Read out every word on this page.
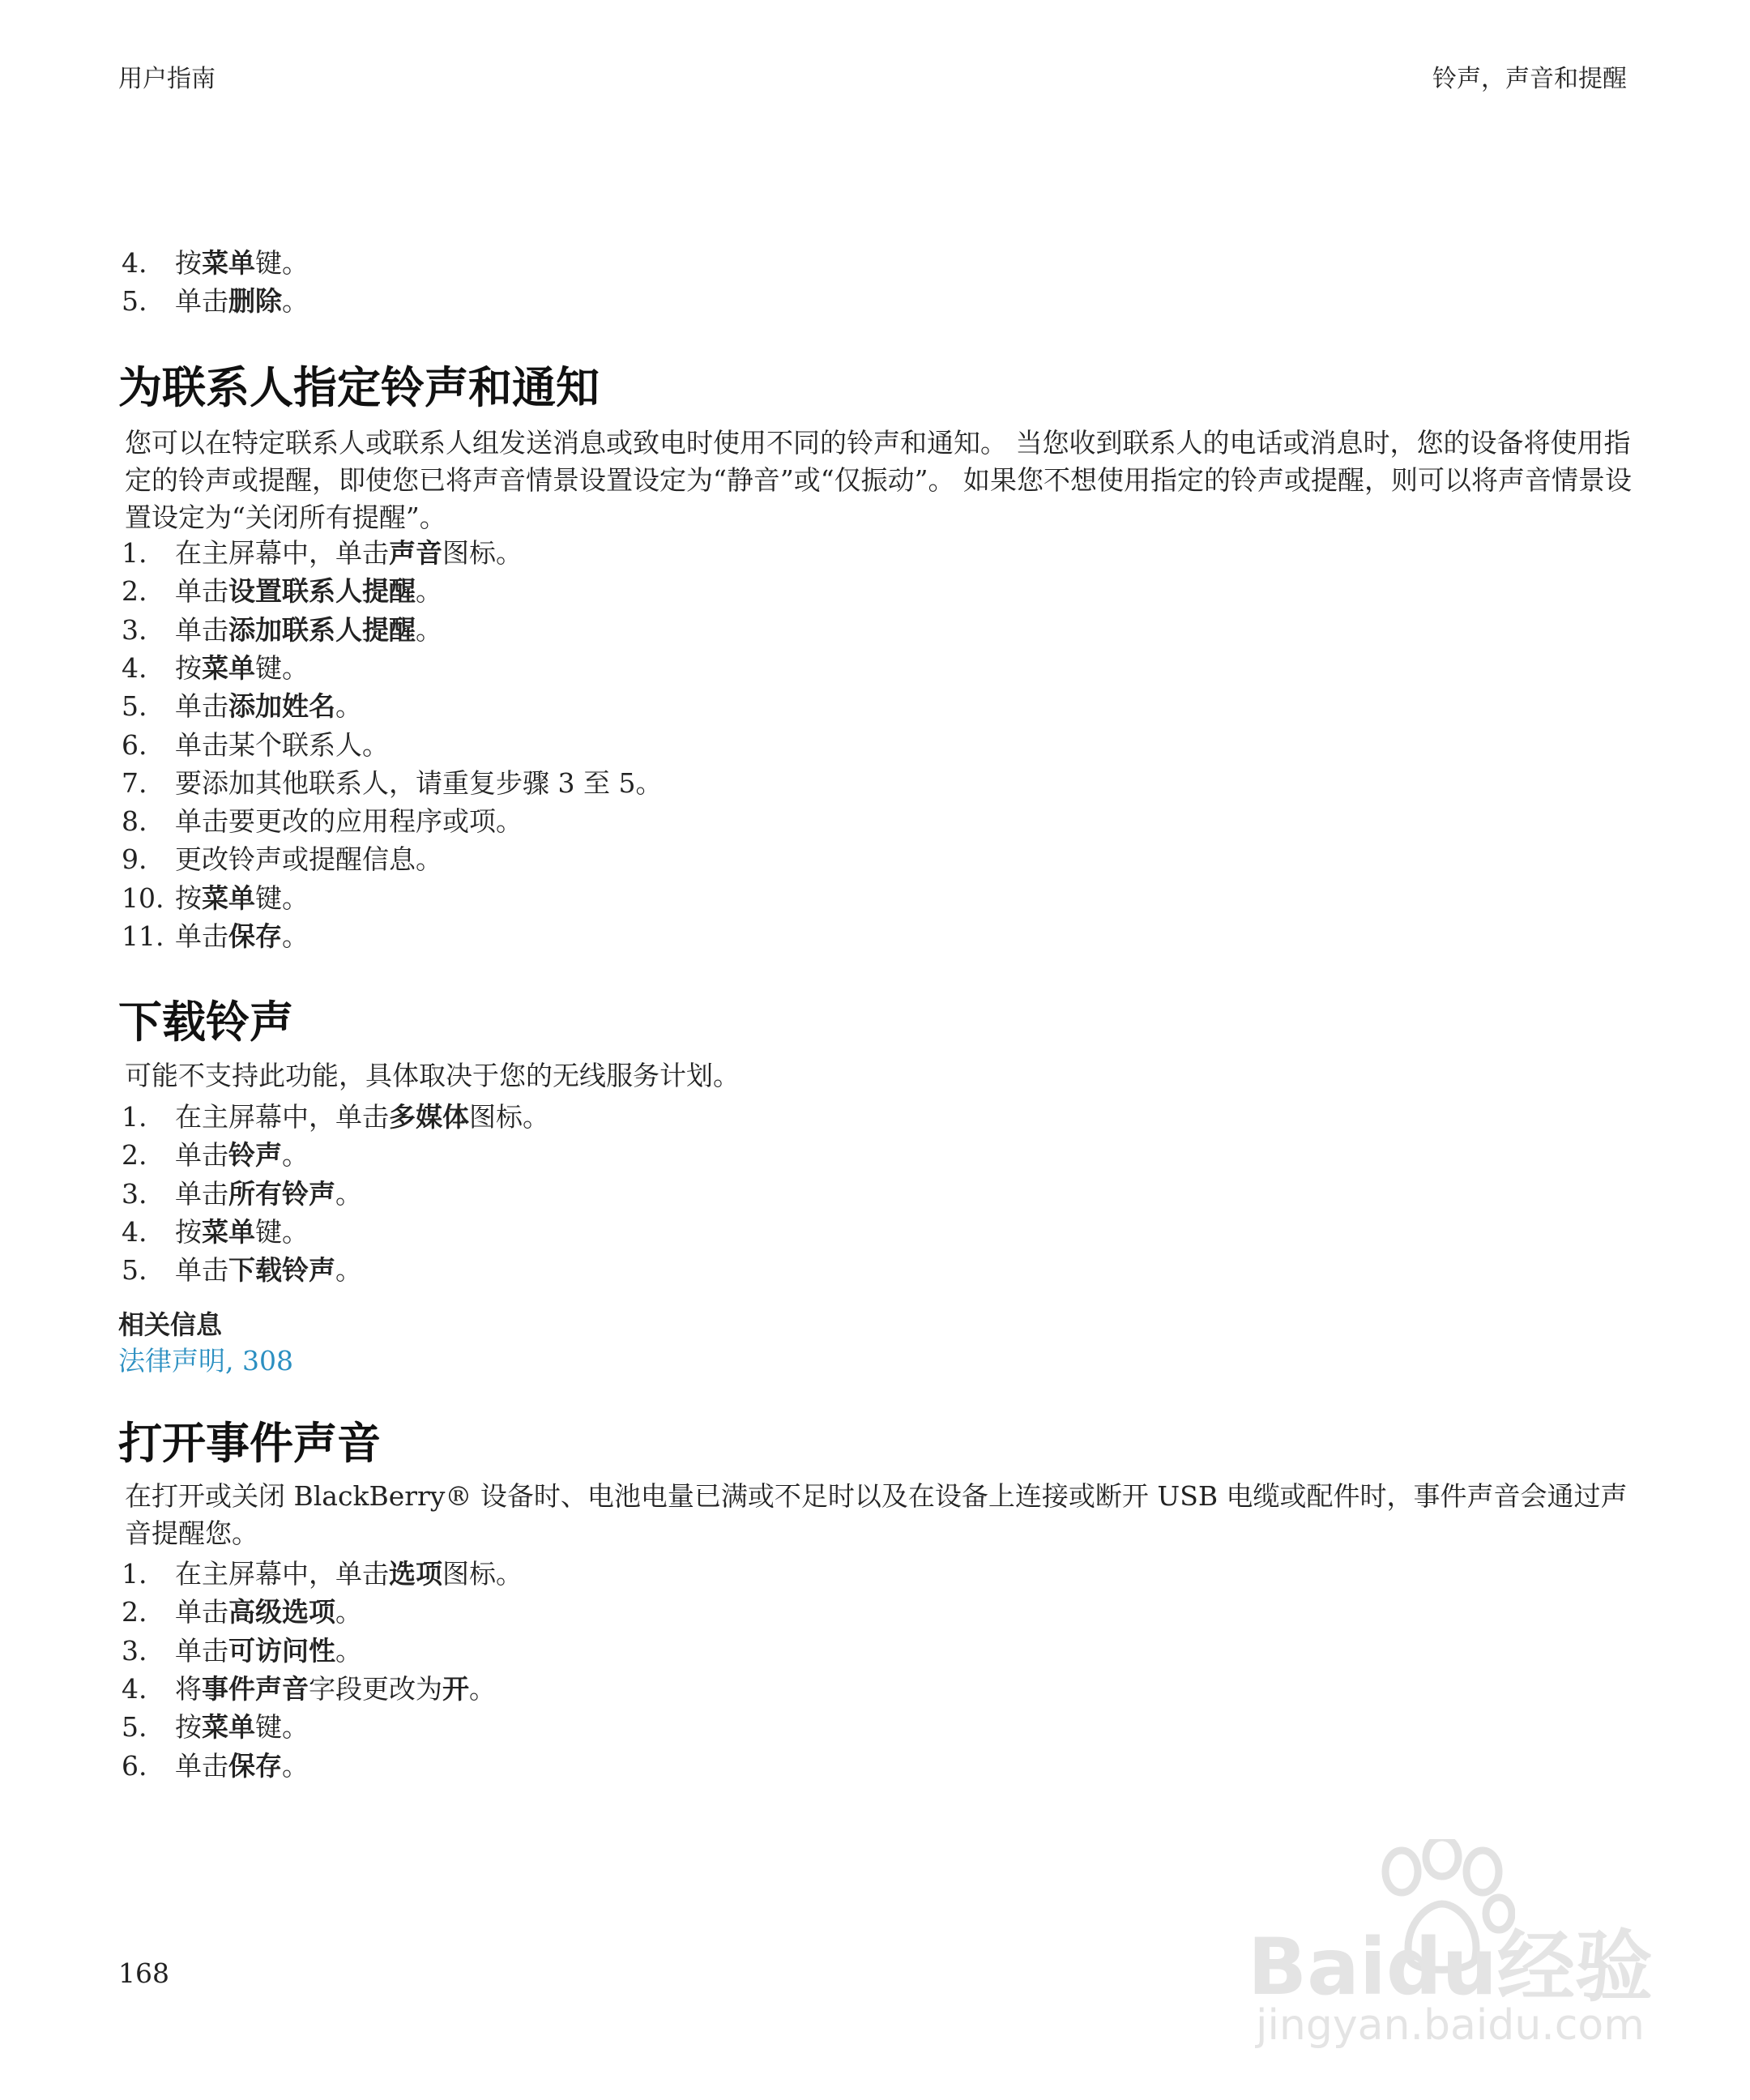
用户指南	铃声，声音和提醒
4. 按菜单键。
5. 单击删除。
为联系人指定铃声和通知

您可以在特定联系人或联系人组发送消息或致电时使用不同的铃声和通知。 当您收到联系人的电话或消息时，您的设备将使用指定的铃声或提醒，即使您已将声音情景设置设定为“静音”或“仅振动”。 如果您不想使用指定的铃声或提醒，则可以将声音情景设置设定为“关闭所有提醒”。

1. 在主屏幕中，单击声音图标。
2. 单击设置联系人提醒。
3. 单击添加联系人提醒。
4. 按菜单键。
5. 单击添加姓名。
6. 单击某个联系人。
7. 要添加其他联系人，请重复步骤 3 至 5。
8. 单击要更改的应用程序或项。
9. 更改铃声或提醒信息。
10. 按菜单键。
11. 单击保存。
下载铃声

可能不支持此功能，具体取决于您的无线服务计划。

1. 在主屏幕中，单击多媒体图标。
2. 单击铃声。
3. 单击所有铃声。
4. 按菜单键。
5. 单击下载铃声。
相关信息
法律声明, 308
打开事件声音

在打开或关闭 BlackBerry® 设备时、电池电量已满或不足时以及在设备上连接或断开 USB 电缆或配件时，事件声音会通过声音提醒您。

1. 在主屏幕中，单击选项图标。
2. 单击高级选项。
3. 单击可访问性。
4. 将事件声音字段更改为开。
5. 按菜单键。
6. 单击保存。
168	Baidu经验
jingyan.baidu.com
